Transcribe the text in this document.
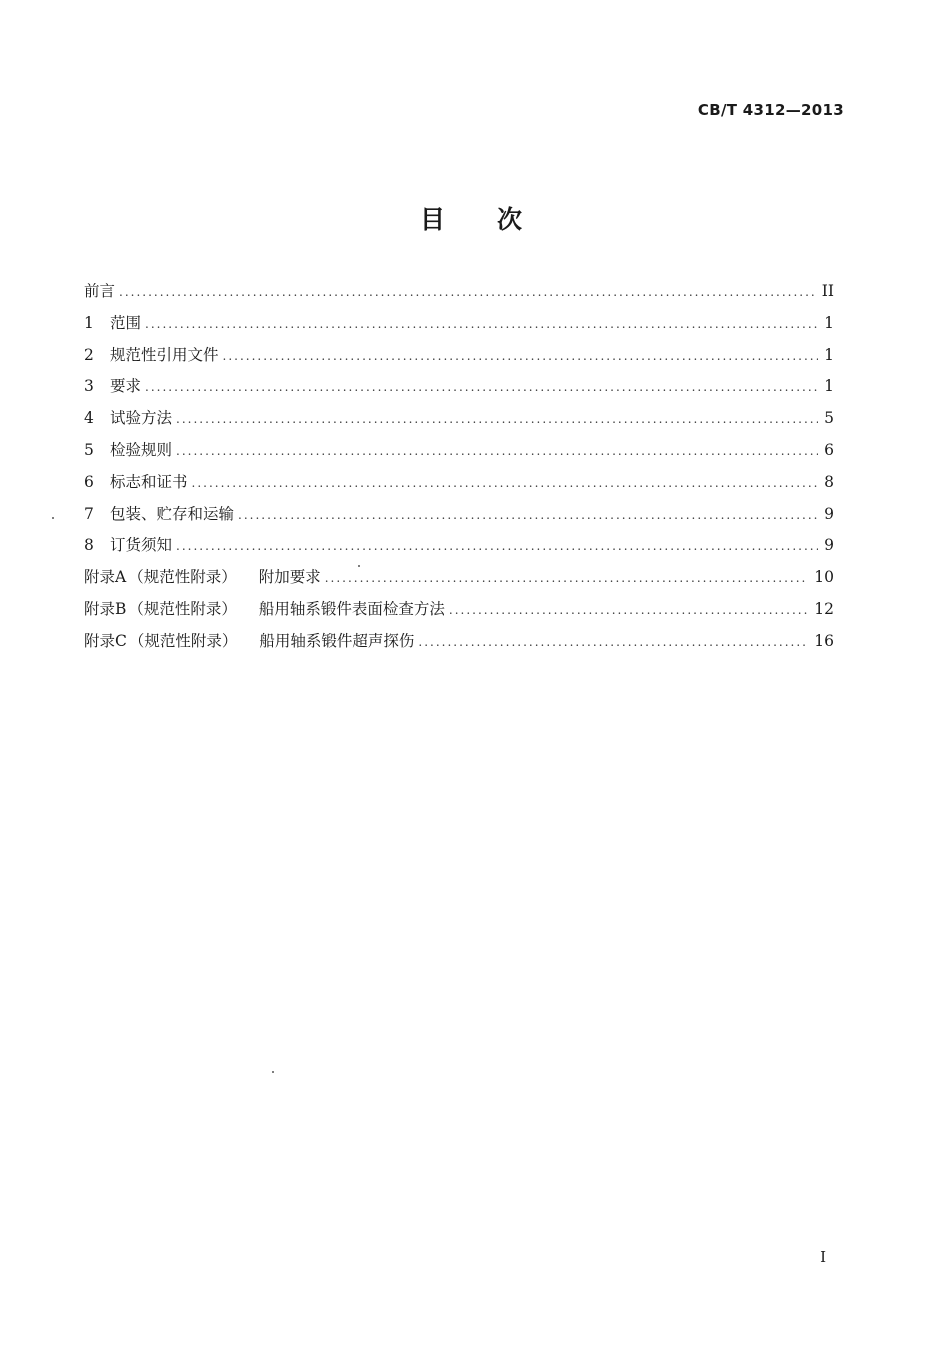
CB/T 4312—2013
目次
前言 .....	II
1	范围 .....	1
2	规范性引用文件 .....	1
3	要求 .....	1
4	试验方法 .....	5
5	检验规则 .....	6
6	标志和证书 .....	8
7	包装、贮存和运输 .....	9
8	订货须知 .....	9
附录A （规范性附录） 附加要求 .....	10
附录B （规范性附录） 船用轴系锻件表面检查方法 .....	12
附录C （规范性附录） 船用轴系锻件超声探伤 .....	16
I
